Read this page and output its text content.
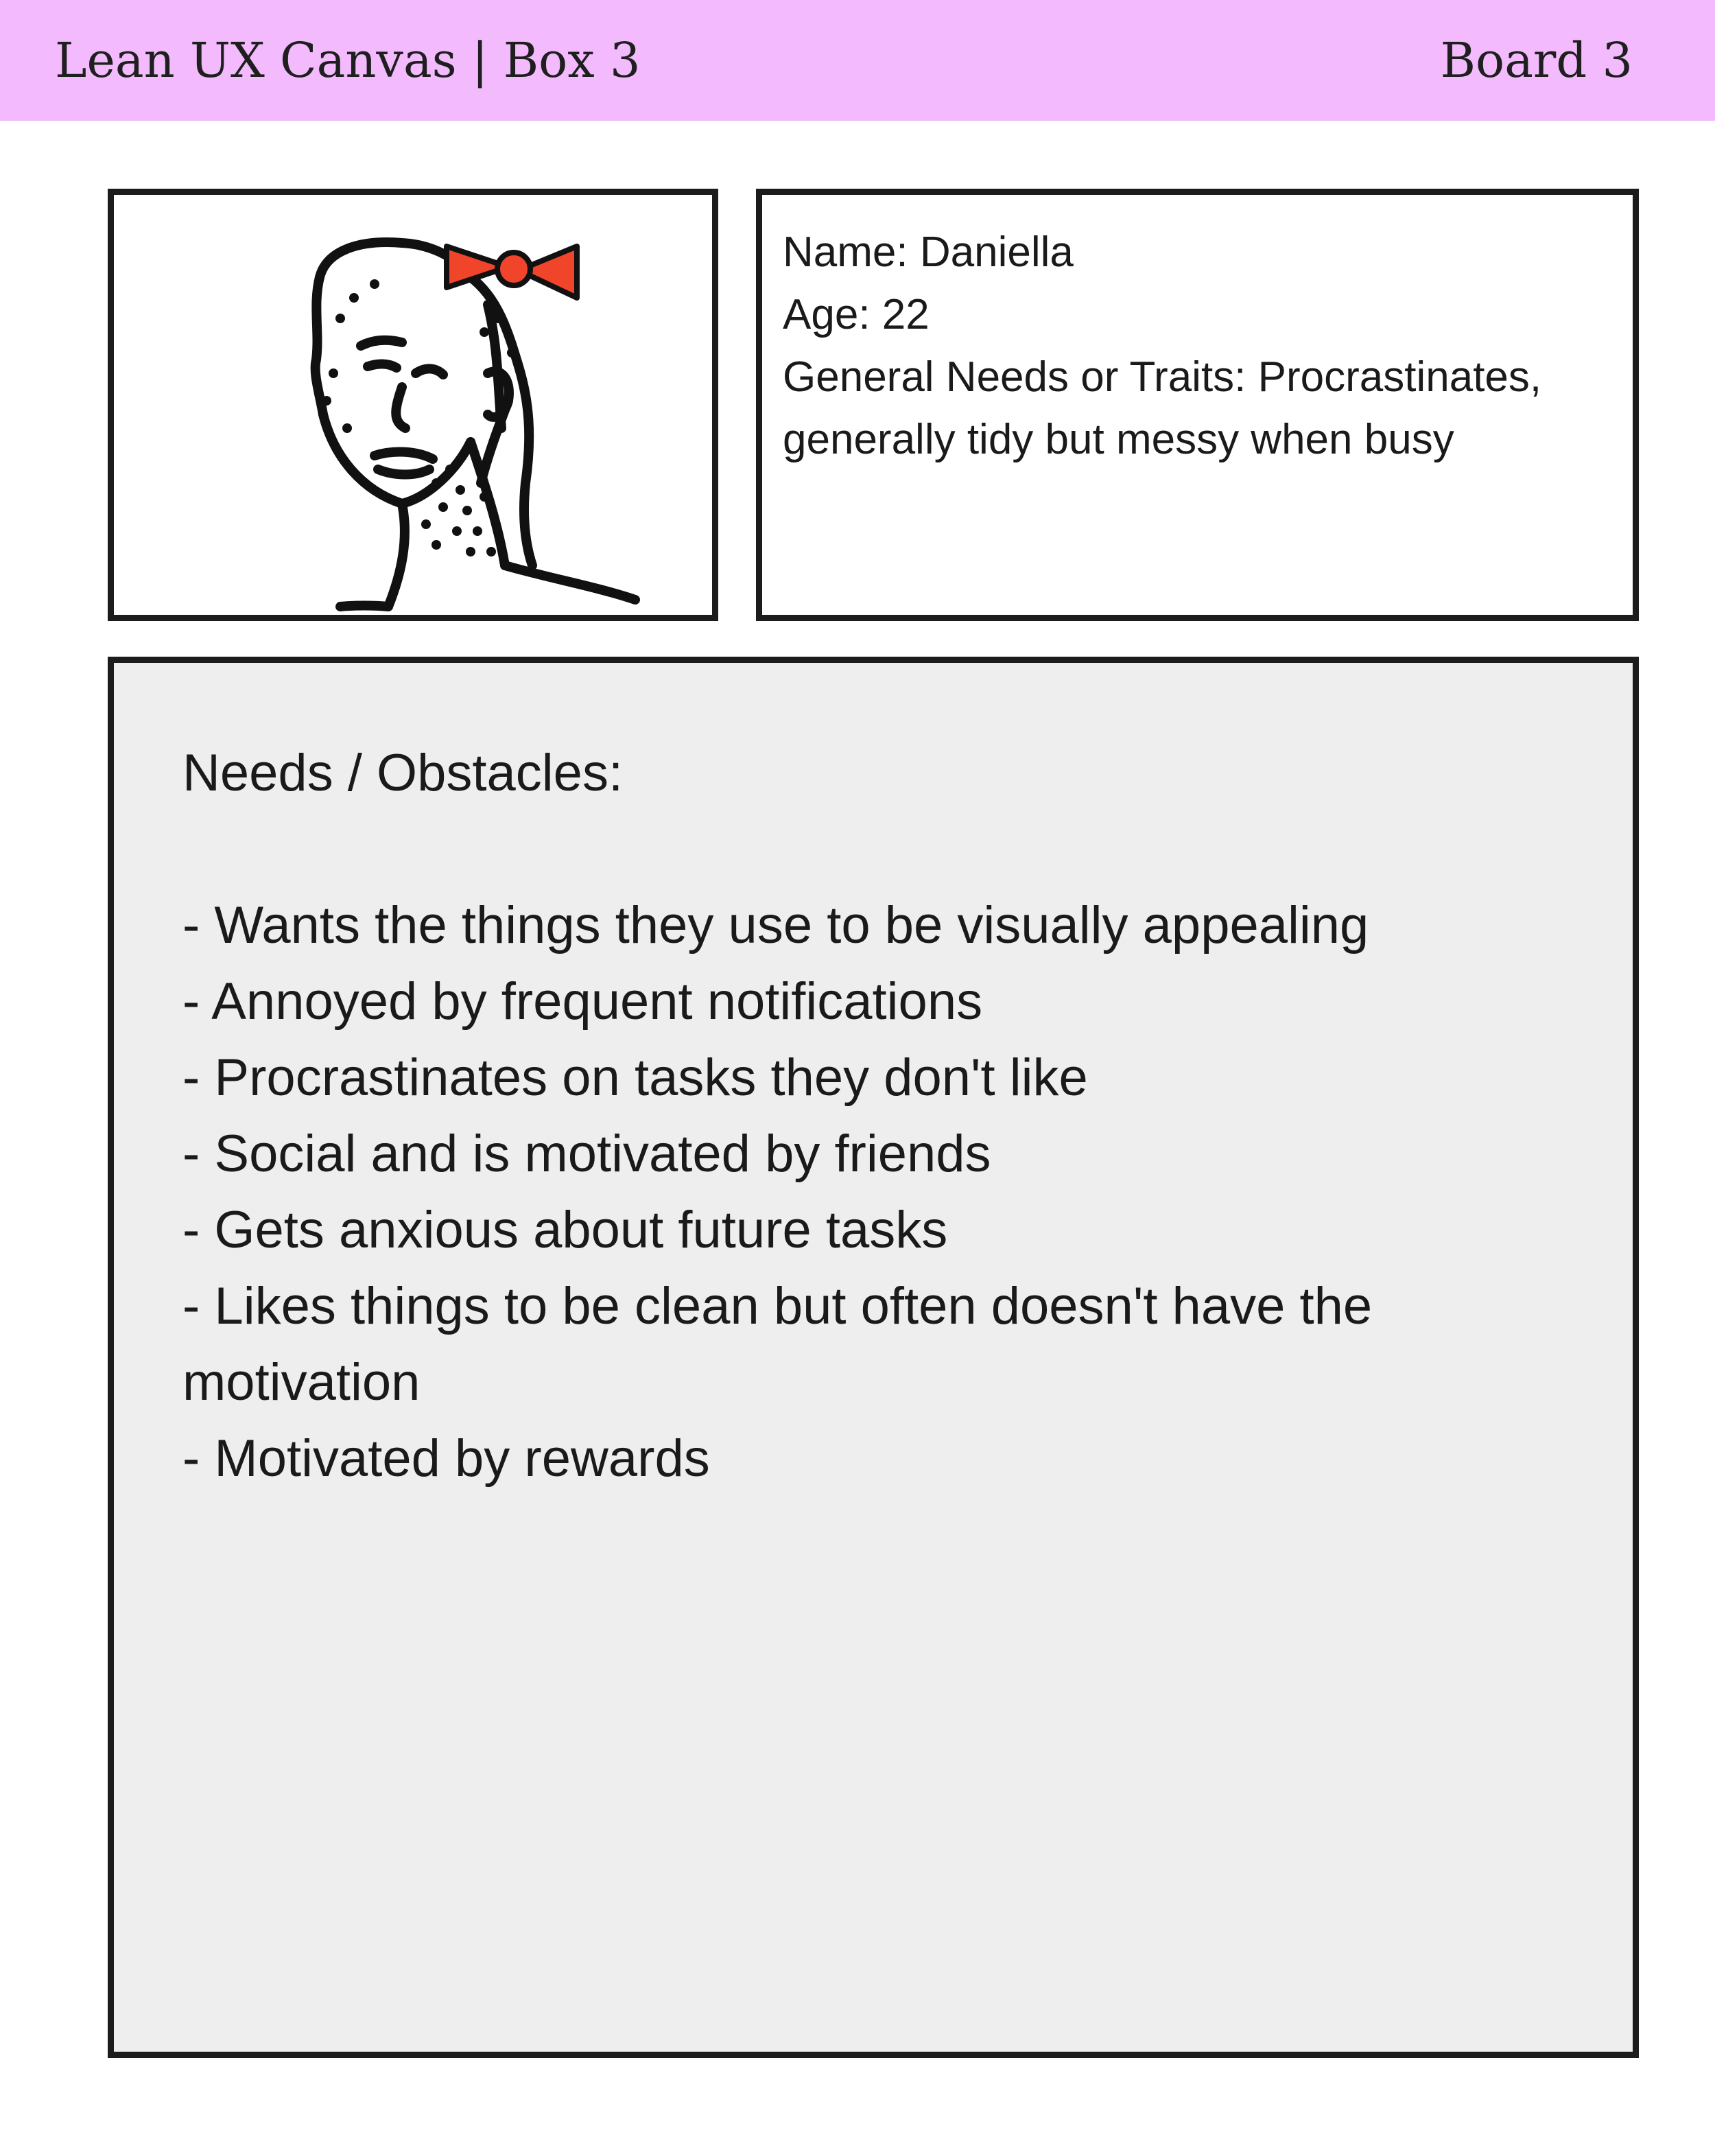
Lean UX Canvas | Box 3	Board 3
Name: Daniella
Age: 22
General Needs or Traits: Procrastinates,
generally tidy but messy when busy
Needs / Obstacles:
- Wants the things they use to be visually appealing
- Annoyed by frequent notifications
- Procrastinates on tasks they don't like
- Social and is motivated by friends
- Gets anxious about future tasks
- Likes things to be clean but often doesn't have the motivation
- Motivated by rewards
